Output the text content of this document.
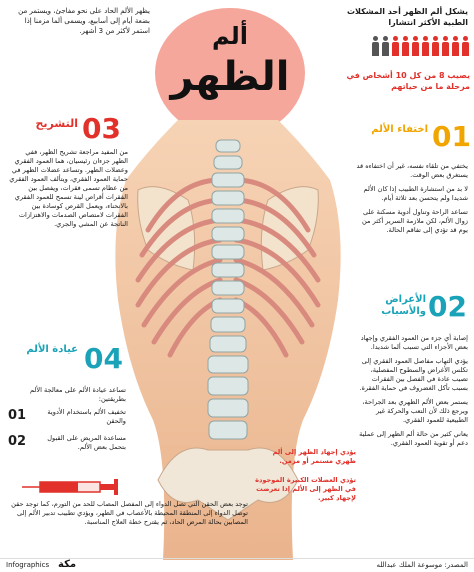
ألم
الظهر
يظهر الألم الحاد على نحو مفاجئ، ويستمر من بضعة أيام إلى أسابيع، ويسمى ألما مزمنا إذا استمر لأكثر من 3 أشهر.
يشكل ألم الظهر أحد المشكلات الطبية الأكثر انتشارا
يصيب 8 من كل 10 أشخاص في مرحلة ما من حياتهم
03
التشريح
من المفيد مراجعة تشريح الظهر، ففي الظهر جزءان رئيسيان، هما العمود الفقري وعضلات الظهر. وتساعد عضلات الظهر في حماية العمود الفقري، ويتألف العمود الفقري من عظام تسمى فقرات، ويفصل بين الفقرات أقراص لينة تسمح للعمود الفقري بالانحناء، ويعمل القرص كوسادة بين الفقرات لامتصاص الصدمات والاهتزازات الناتجة عن المشي والجري.
01
اختفاء الألم
يختفي من تلقاء نفسه، غير أن اختفاءه قد يستغرق بعض الوقت.
لا بد من استشارة الطبيب إذا كان الألم شديدا ولم يتحسن بعد ثلاثة أيام.
تساعد الراحة وتناول أدوية مسكنة على زوال الألم، لكن ملازمة السرير أكثر من يوم قد تؤدي إلى تفاقم الحالة.
02
الأعراض والأسباب
إصابة أي جزء من العمود الفقري وإجهاد بعض الأجزاء التي تسبب ألما شديدا.
يؤدي التهاب مفاصل العمود الفقري إلى تكلس الأغراض والسطوح المفصلية، تصيب عادة في الفصل بين الفقرات بسبب تأكل الغضروف في حماية الفقرة.
يستمر بعض الألم الظهري بعد الجراحة، ويرجع ذلك لأن التعب والحركة غير الطبيعية للعمود الفقري.
يعاني كثير من حالة ألم الظهر إلى عملية دعم أو تقوية العمود الفقري.
04
عيادة الألم
تساعد عيادة الألم على معالجة الألم بطريقتين:
01	تخفيف الألم باستخدام الأدوية والحقن
02	مساعدة المريض على القبول بتحمل بعض الألم.
يؤدي إجهاد الظهر إلى ألم ظهري مستمر أو مزمن.
تؤدي العضلات الكبيرة الموجودة في الظهر إلى الألم إذا تعرضت لإجهاد كبير.
توجد بعض الحقن التي تصل الدواء إلى المفصل المصاب للحد من التورم، كما توجد حقن توصل الدواء إلى المنطقة المحيطة بالأعصاب في الظهر، ويؤدي تطبيب تدبير الألم إلى المصابين بحالة المرض الحاد، ثم يقترح خطة العلاج المناسبة.
المصدر: موسوعة الملك عبدالله
مكة
Infographics
